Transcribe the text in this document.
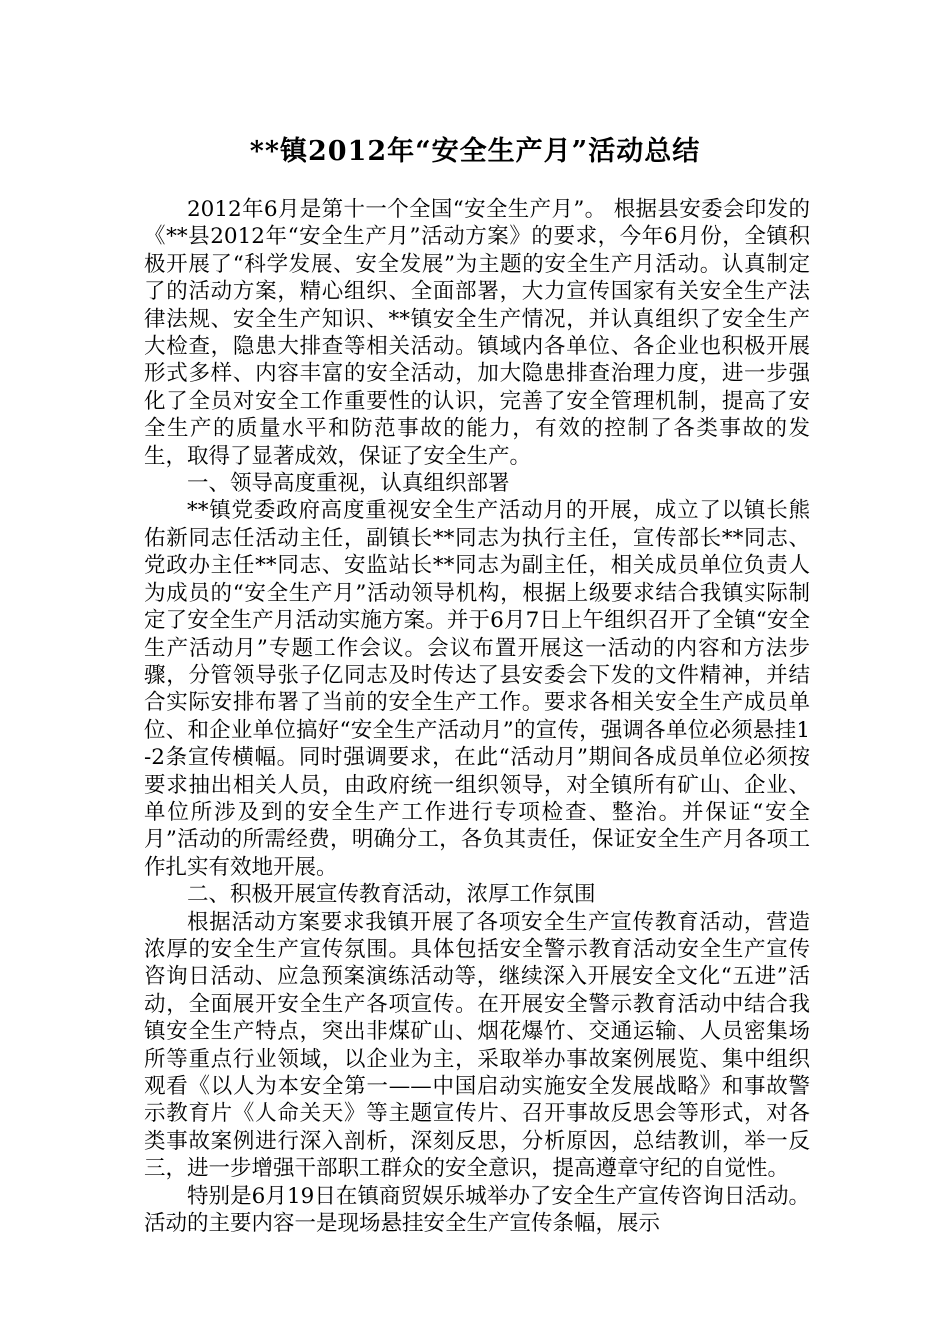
**镇2012年“安全生产月”活动总结

2012年6月是第十一个全国“安全生产月”。 根据县安委会印发的《**县2012年“安全生产月”活动方案》的要求，今年6月份，全镇积极开展了“科学发展、安全发展”为主题的安全生产月活动。认真制定了的活动方案，精心组织、全面部署，大力宣传国家有关安全生产法律法规、安全生产知识、**镇安全生产情况，并认真组织了安全生产大检查，隐患大排查等相关活动。镇域内各单位、各企业也积极开展形式多样、内容丰富的安全活动，加大隐患排查治理力度，进一步强化了全员对安全工作重要性的认识，完善了安全管理机制，提高了安全生产的质量水平和防范事故的能力，有效的控制了各类事故的发生，取得了显著成效，保证了安全生产。

一、领导高度重视，认真组织部署

**镇党委政府高度重视安全生产活动月的开展，成立了以镇长熊佑新同志任活动主任，副镇长**同志为执行主任，宣传部长**同志、党政办主任**同志、安监站长**同志为副主任，相关成员单位负责人为成员的“安全生产月”活动领导机构，根据上级要求结合我镇实际制定了安全生产月活动实施方案。并于6月7日上午组织召开了全镇“安全生产活动月”专题工作会议。会议布置开展这一活动的内容和方法步骤，分管领导张子亿同志及时传达了县安委会下发的文件精神，并结合实际安排布署了当前的安全生产工作。要求各相关安全生产成员单位、和企业单位搞好“安全生产活动月”的宣传，强调各单位必须悬挂1-2条宣传横幅。同时强调要求，在此“活动月”期间各成员单位必须按要求抽出相关人员，由政府统一组织领导，对全镇所有矿山、企业、单位所涉及到的安全生产工作进行专项检查、整治。并保证“安全月”活动的所需经费，明确分工，各负其责任，保证安全生产月各项工作扎实有效地开展。

二、积极开展宣传教育活动，浓厚工作氛围

根据活动方案要求我镇开展了各项安全生产宣传教育活动，营造浓厚的安全生产宣传氛围。具体包括安全警示教育活动安全生产宣传咨询日活动、应急预案演练活动等，继续深入开展安全文化“五进”活动，全面展开安全生产各项宣传。在开展安全警示教育活动中结合我镇安全生产特点，突出非煤矿山、烟花爆竹、交通运输、人员密集场所等重点行业领域，以企业为主，采取举办事故案例展览、集中组织观看《以人为本安全第一——中国启动实施安全发展战略》和事故警示教育片《人命关天》等主题宣传片、召开事故反思会等形式，对各类事故案例进行深入剖析，深刻反思，分析原因，总结教训，举一反三，进一步增强干部职工群众的安全意识，提高遵章守纪的自觉性。

特别是6月19日在镇商贸娱乐城举办了安全生产宣传咨询日活动。活动的主要内容一是现场悬挂安全生产宣传条幅，展示
